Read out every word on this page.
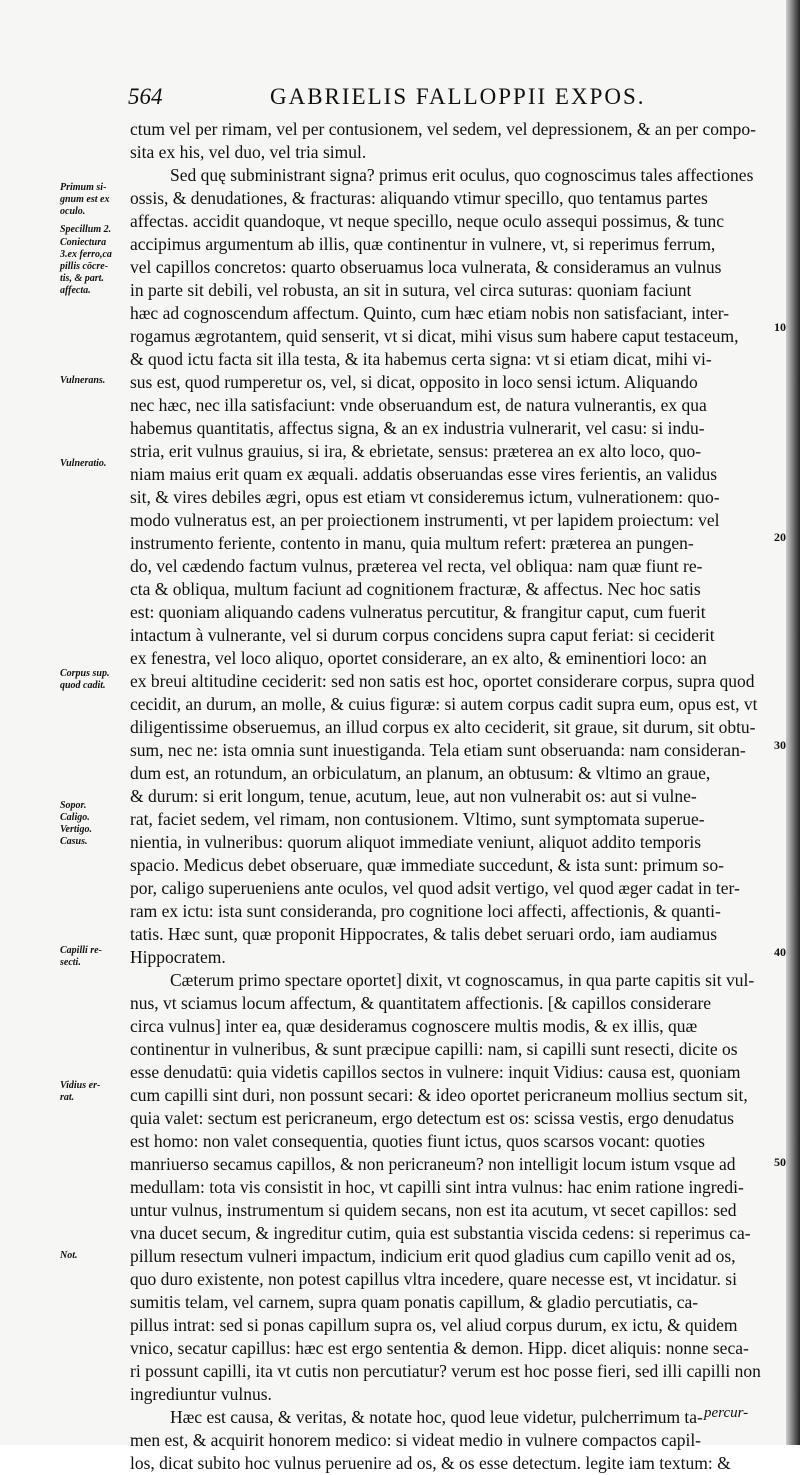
564	GABRIELIS FALLOPPII EXPOS.
Primum si-
gnum est ex
oculo.
Specillum 2.
Coniectura
3.ex ferro,ca
pillis cōcre-
tis, & part.
affecta.
Vulnerans.
Vulneratio.
Corpus sup.
quod cadit.
Sopor.
Caligo.
Vertigo.
Casus.
Capilli re-
secti.
Vidius er-
rat.
Not.
10
20
30
40
50
ctum vel per rimam, vel per contusionem, vel sedem, vel depressionem, & an per compo-
sita ex his, vel duo, vel tria simul.
Sed quę subministrant signa? primus erit oculus, quo cognoscimus tales affectiones
ossis, & denudationes, & fracturas: aliquando vtimur specillo, quo tentamus partes
affectas. accidit quandoque, vt neque specillo, neque oculo assequi possimus, & tunc
accipimus argumentum ab illis, quæ continentur in vulnere, vt, si reperimus ferrum,
vel capillos concretos: quarto obseruamus loca vulnerata, & consideramus an vulnus
in parte sit debili, vel robusta, an sit in sutura, vel circa suturas: quoniam faciunt
hæc ad cognoscendum affectum. Quinto, cum hæc etiam nobis non satisfaciant, inter-
rogamus ægrotantem, quid senserit, vt si dicat, mihi visus sum habere caput testaceum,
& quod ictu facta sit illa testa, & ita habemus certa signa: vt si etiam dicat, mihi vi-
sus est, quod rumperetur os, vel, si dicat, opposito in loco sensi ictum. Aliquando
nec hæc, nec illa satisfaciunt: vnde obseruandum est, de natura vulnerantis, ex qua
habemus quantitatis, affectus signa, & an ex industria vulnerarit, vel casu: si indu-
stria, erit vulnus grauius, si ira, & ebrietate, sensus: præterea an ex alto loco, quo-
niam maius erit quam ex æquali. addatis obseruandas esse vires ferientis, an validus
sit, & vires debiles ægri, opus est etiam vt consideremus ictum, vulnerationem: quo-
modo vulneratus est, an per proiectionem instrumenti, vt per lapidem proiectum: vel
instrumento feriente, contento in manu, quia multum refert: præterea an pungen-
do, vel cædendo factum vulnus, præterea vel recta, vel obliqua: nam quæ fiunt re-
cta & obliqua, multum faciunt ad cognitionem fracturæ, & affectus. Nec hoc satis
est: quoniam aliquando cadens vulneratus percutitur, & frangitur caput, cum fuerit
intactum à vulnerante, vel si durum corpus concidens supra caput feriat: si ceciderit
ex fenestra, vel loco aliquo, oportet considerare, an ex alto, & eminentiori loco: an
ex breui altitudine ceciderit: sed non satis est hoc, oportet considerare corpus, supra quod
cecidit, an durum, an molle, & cuius figuræ: si autem corpus cadit supra eum, opus est, vt
diligentissime obseruemus, an illud corpus ex alto ceciderit, sit graue, sit durum, sit obtu-
sum, nec ne: ista omnia sunt inuestiganda. Tela etiam sunt obseruanda: nam consideran-
dum est, an rotundum, an orbiculatum, an planum, an obtusum: & vltimo an graue,
& durum: si erit longum, tenue, acutum, leue, aut non vulnerabit os: aut si vulne-
rat, faciet sedem, vel rimam, non contusionem. Vltimo, sunt symptomata superue-
nientia, in vulneribus: quorum aliquot immediate veniunt, aliquot addito temporis
spacio. Medicus debet obseruare, quæ immediate succedunt, & ista sunt: primum so-
por, caligo superueniens ante oculos, vel quod adsit vertigo, vel quod æger cadat in ter-
ram ex ictu: ista sunt consideranda, pro cognitione loci affecti, affectionis, & quanti-
tatis. Hæc sunt, quæ proponit Hippocrates, & talis debet seruari ordo, iam audiamus
Hippocratem.
Cæterum primo spectare oportet] dixit, vt cognoscamus, in qua parte capitis sit vul-
nus, vt sciamus locum affectum, & quantitatem affectionis. [& capillos considerare
circa vulnus] inter ea, quæ desideramus cognoscere multis modis, & ex illis, quæ
continentur in vulneribus, & sunt præcipue capilli: nam, si capilli sunt resecti, dicite os
esse denudatū: quia videtis capillos sectos in vulnere: inquit Vidius: causa est, quoniam
cum capilli sint duri, non possunt secari: & ideo oportet pericraneum mollius sectum sit,
quia valet: sectum est pericraneum, ergo detectum est os: scissa vestis, ergo denudatus
est homo: non valet consequentia, quoties fiunt ictus, quos scarsos vocant: quoties
manriuerso secamus capillos, & non pericraneum? non intelligit locum istum vsque ad
medullam: tota vis consistit in hoc, vt capilli sint intra vulnus: hac enim ratione ingredi-
untur vulnus, instrumentum si quidem secans, non est ita acutum, vt secet capillos: sed
vna ducet secum, & ingreditur cutim, quia est substantia viscida cedens: si reperimus ca-
pillum resectum vulneri impactum, indicium erit quod gladius cum capillo venit ad os,
quo duro existente, non potest capillus vltra incedere, quare necesse est, vt incidatur. si
sumitis telam, vel carnem, supra quam ponatis capillum, & gladio percutiatis, ca-
pillus intrat: sed si ponas capillum supra os, vel aliud corpus durum, ex ictu, & quidem
vnico, secatur capillus: hæc est ergo sententia & demon. Hipp. dicet aliquis: nonne seca-
ri possunt capilli, ita vt cutis non percutiatur? verum est hoc posse fieri, sed illi capilli non
ingrediuntur vulnus.
Hæc est causa, & veritas, & notate hoc, quod leue videtur, pulcherrimum ta-
men est, & acquirit honorem medico: si videat medio in vulnere compactos capil-
los, dicat subito hoc vulnus peruenire ad os, & os esse detectum. legite iam textum: &
percur-
